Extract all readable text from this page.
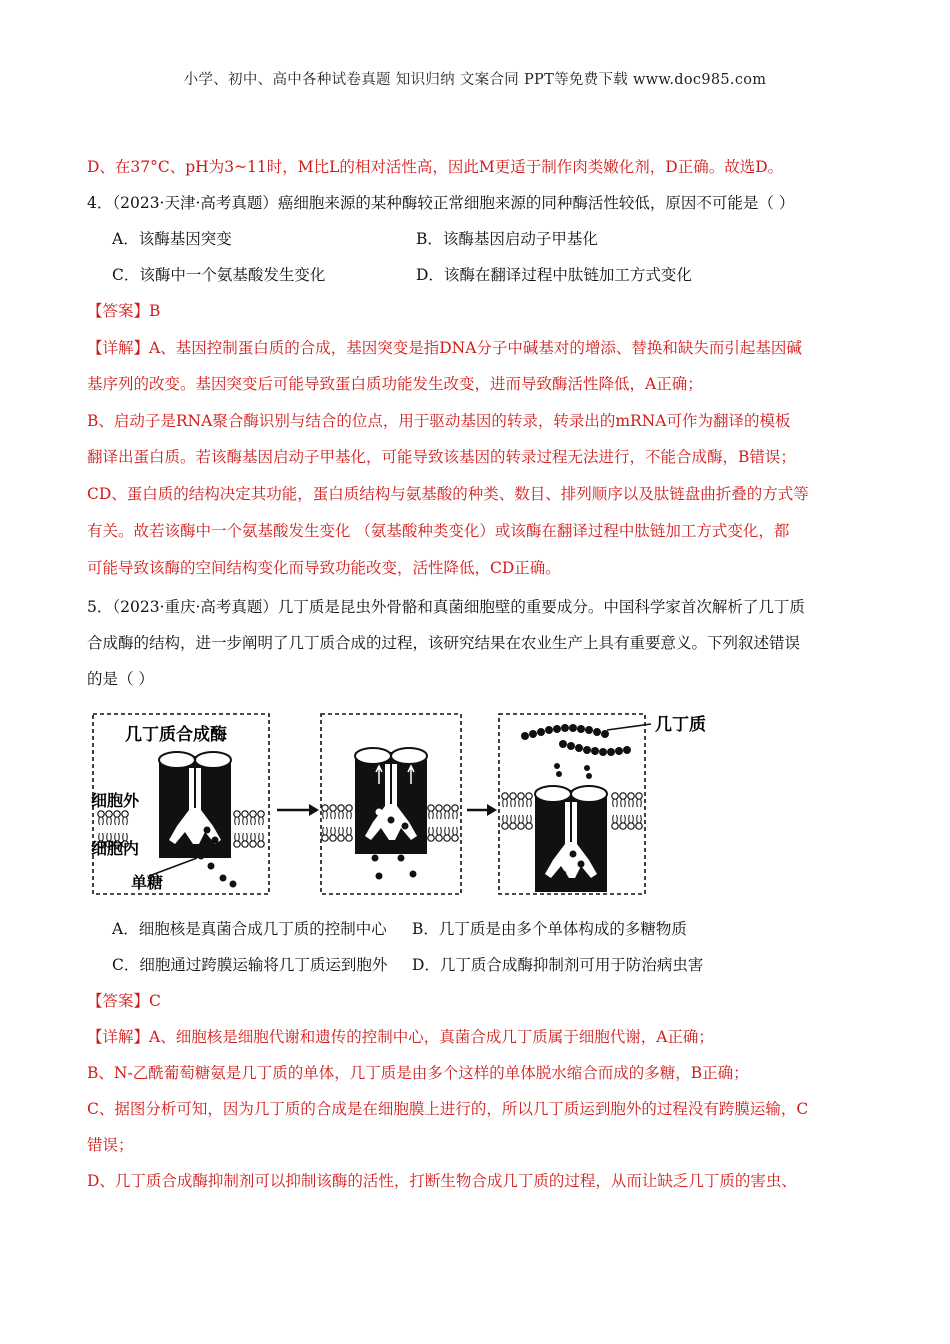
小学、初中、高中各种试卷真题 知识归纳 文案合同 PPT等免费下载 www.doc985.com
D、在37°C、pH为3~11时，M比L的相对活性高，因此M更适于制作肉类嫩化剂，D正确。故选D。
4．（2023·天津·高考真题）癌细胞来源的某种酶较正常细胞来源的同种酶活性较低，原因不可能是（ ）
A．该酶基因突变	B．该酶基因启动子甲基化
C．该酶中一个氨基酸发生变化	D．该酶在翻译过程中肽链加工方式变化
【答案】B
【详解】A、基因控制蛋白质的合成，基因突变是指DNA分子中碱基对的增添、替换和缺失而引起基因碱
基序列的改变。基因突变后可能导致蛋白质功能发生改变，进而导致酶活性降低，A正确；
B、启动子是RNA聚合酶识别与结合的位点，用于驱动基因的转录，转录出的mRNA可作为翻译的模板
翻译出蛋白质。若该酶基因启动子甲基化，可能导致该基因的转录过程无法进行，不能合成酶，B错误；
CD、蛋白质的结构决定其功能，蛋白质结构与氨基酸的种类、数目、排列顺序以及肽链盘曲折叠的方式等
有关。故若该酶中一个氨基酸发生变化 （氨基酸种类变化）或该酶在翻译过程中肽链加工方式变化，都
可能导致该酶的空间结构变化而导致功能改变，活性降低，CD正确。
5．（2023·重庆·高考真题）几丁质是昆虫外骨骼和真菌细胞壁的重要成分。中国科学家首次解析了几丁质
合成酶的结构，进一步阐明了几丁质合成的过程，该研究结果在农业生产上具有重要意义。下列叙述错误
的是（ ）
几丁质合成酶
细胞外
细胞内
单糖
几丁质
A．细胞核是真菌合成几丁质的控制中心 B．几丁质是由多个单体构成的多糖物质
C．细胞通过跨膜运输将几丁质运到胞外 D．几丁质合成酶抑制剂可用于防治病虫害
【答案】C
【详解】A、细胞核是细胞代谢和遗传的控制中心，真菌合成几丁质属于细胞代谢，A正确；
B、N-乙酰葡萄糖氨是几丁质的单体，几丁质是由多个这样的单体脱水缩合而成的多糖，B正确；
C、据图分析可知，因为几丁质的合成是在细胞膜上进行的，所以几丁质运到胞外的过程没有跨膜运输，C
错误；
D、几丁质合成酶抑制剂可以抑制该酶的活性，打断生物合成几丁质的过程，从而让缺乏几丁质的害虫、
